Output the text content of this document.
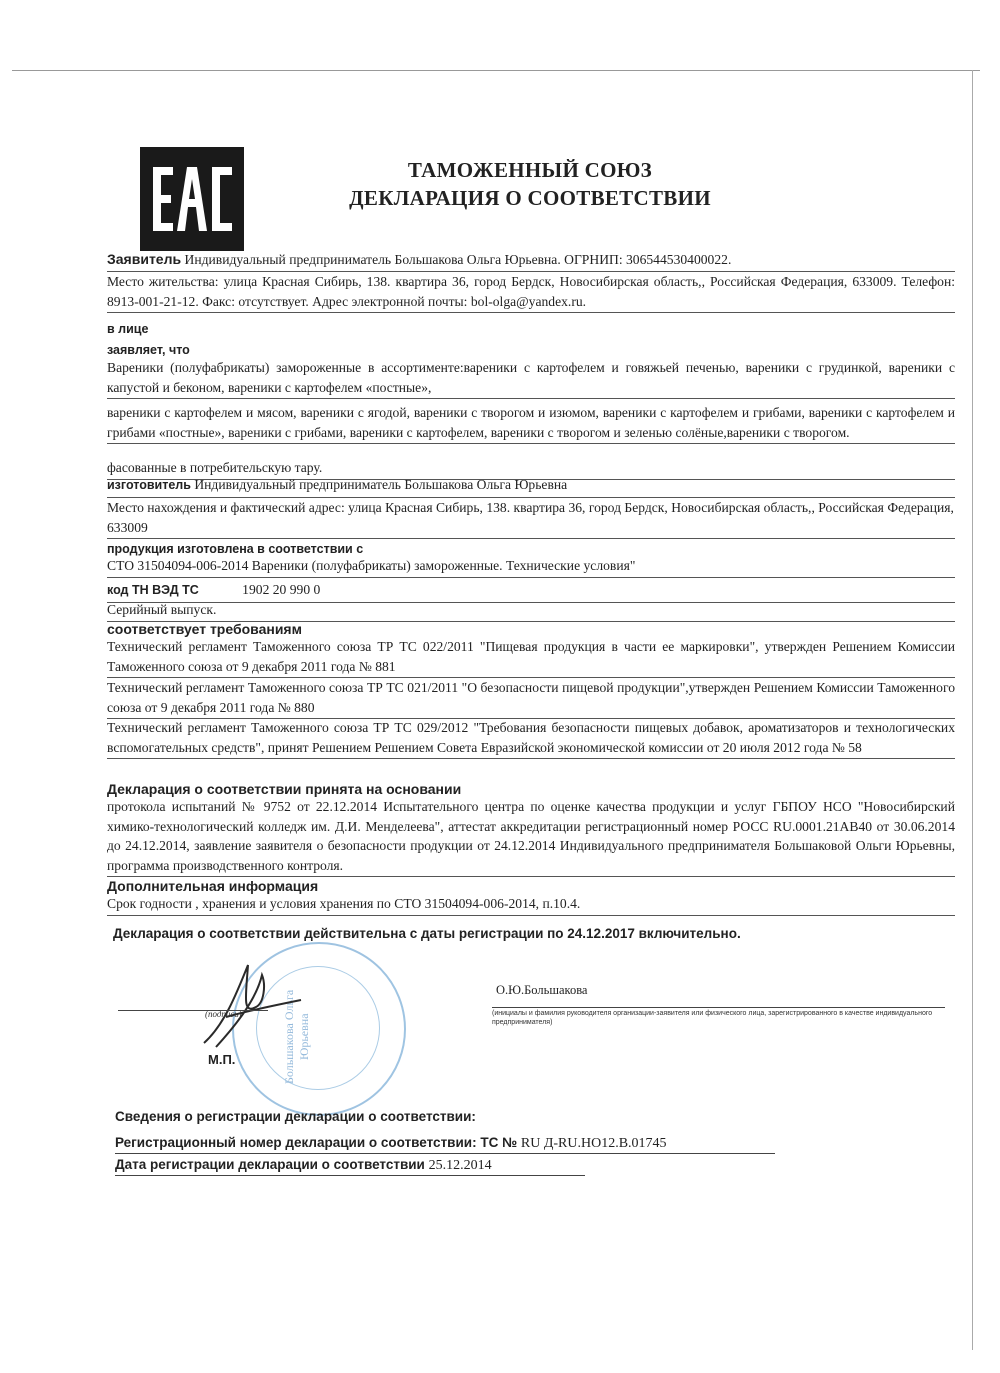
ТАМОЖЕННЫЙ СОЮЗ
ДЕКЛАРАЦИЯ О СООТВЕТСТВИИ
Заявитель Индивидуальный предприниматель Большакова Ольга Юрьевна. ОГРНИП: 306544530400022.
Место жительства: улица Красная Сибирь, 138. квартира 36, город Бердск, Новосибирская область,, Российская Федерация, 633009. Телефон: 8913-001-21-12. Факс: отсутствует. Адрес электронной почты: bol-olga@yandex.ru.
в лице
заявляет, что
Вареники (полуфабрикаты) замороженные в ассортименте:вареники с картофелем и говяжьей печенью, вареники с грудинкой, вареники с капустой и беконом, вареники с картофелем «постные»,
вареники с картофелем и мясом, вареники с ягодой, вареники с творогом и изюмом, вареники с картофелем и грибами, вареники с картофелем и грибами «постные», вареники с грибами, вареники с картофелем, вареники с творогом и зеленью солёные,вареники с творогом.
фасованные в потребительскую тару.
изготовитель Индивидуальный предприниматель Большакова Ольга Юрьевна
Место нахождения и фактический адрес: улица Красная Сибирь, 138. квартира 36, город Бердск, Новосибирская область,, Российская Федерация, 633009
продукция изготовлена в соответствии с
СТО 31504094-006-2014 Вареники (полуфабрикаты) замороженные. Технические условия"
код ТН ВЭД ТС	1902 20 990 0
Серийный выпуск.
соответствует требованиям
Технический регламент Таможенного союза ТР ТС 022/2011 "Пищевая продукция в части ее маркировки", утвержден Решением Комиссии Таможенного союза от 9 декабря 2011 года № 881
Технический регламент Таможенного союза ТР ТС 021/2011 "О безопасности пищевой продукции",утвержден Решением Комиссии Таможенного союза от 9 декабря 2011 года № 880
Технический регламент Таможенного союза ТР ТС 029/2012 "Требования безопасности пищевых добавок, ароматизаторов и технологических вспомогательных средств", принят Решением Решением Совета Евразийской экономической комиссии от 20 июля 2012 года № 58
Декларация о соответствии принята на основании
протокола испытаний № 9752 от 22.12.2014 Испытательного центра по оценке качества продукции и услуг ГБПОУ НСО "Новосибирский химико-технологический колледж им. Д.И. Менделеева", аттестат аккредитации регистрационный номер РОСС RU.0001.21АВ40 от 30.06.2014 до 24.12.2014, заявление заявителя о безопасности продукции от 24.12.2014 Индивидуального предпринимателя Большаковой Ольги Юрьевны, программа производственного контроля.
Дополнительная информация
Срок годности , хранения и условия хранения по СТО 31504094-006-2014, п.10.4.
Декларация о соответствии действительна с даты регистрации по 24.12.2017 включительно.
Большакова Ольга Юрьевна
(подпись)
О.Ю.Большакова
(инициалы и фамилия руководителя организации-заявителя или физического лица, зарегистрированного в качестве индивидуального предпринимателя)
М.П.
Сведения о регистрации декларации о соответствии:
Регистрационный номер декларации о соответствии: ТС № RU Д-RU.НО12.В.01745
Дата регистрации декларации о соответствии 25.12.2014
